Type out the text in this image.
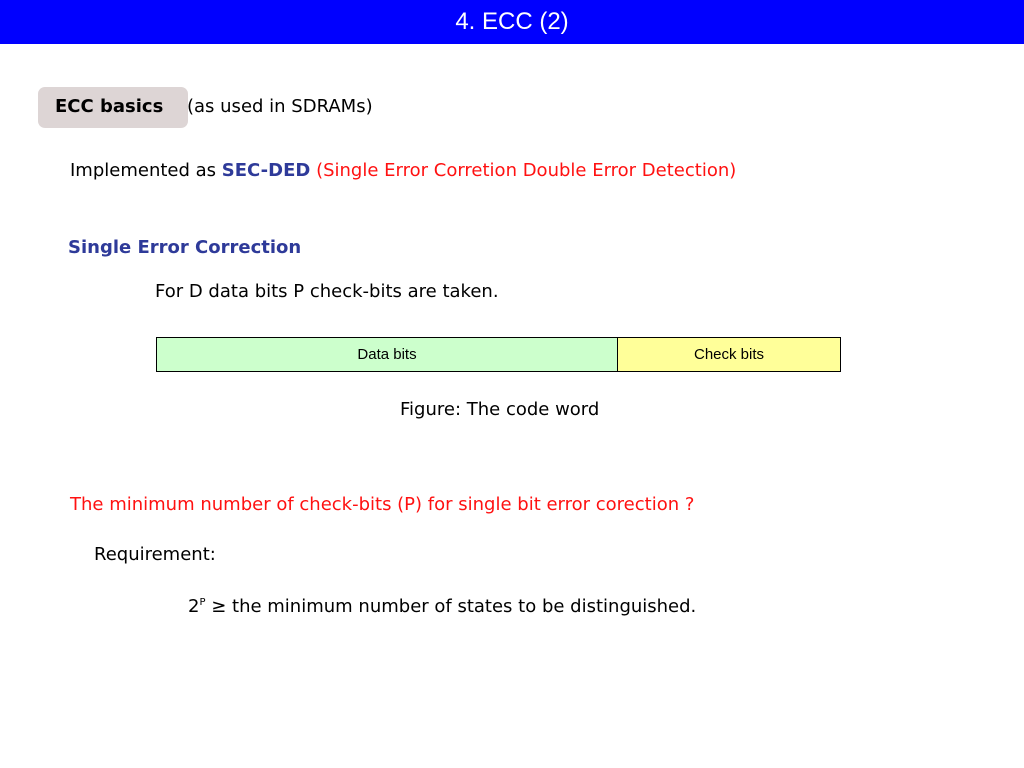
4. ECC (2)
ECC basics (as used in SDRAMs)
Implemented as SEC-DED (Single Error Corretion Double Error Detection)
Single Error Correction
For D data bits P check-bits are taken.
Data bits	Check bits
Figure: The code word
The minimum number of check-bits (P) for single bit error corection ?
Requirement:
$2^P$ ≥ the minimum number of states to be distinguished.
